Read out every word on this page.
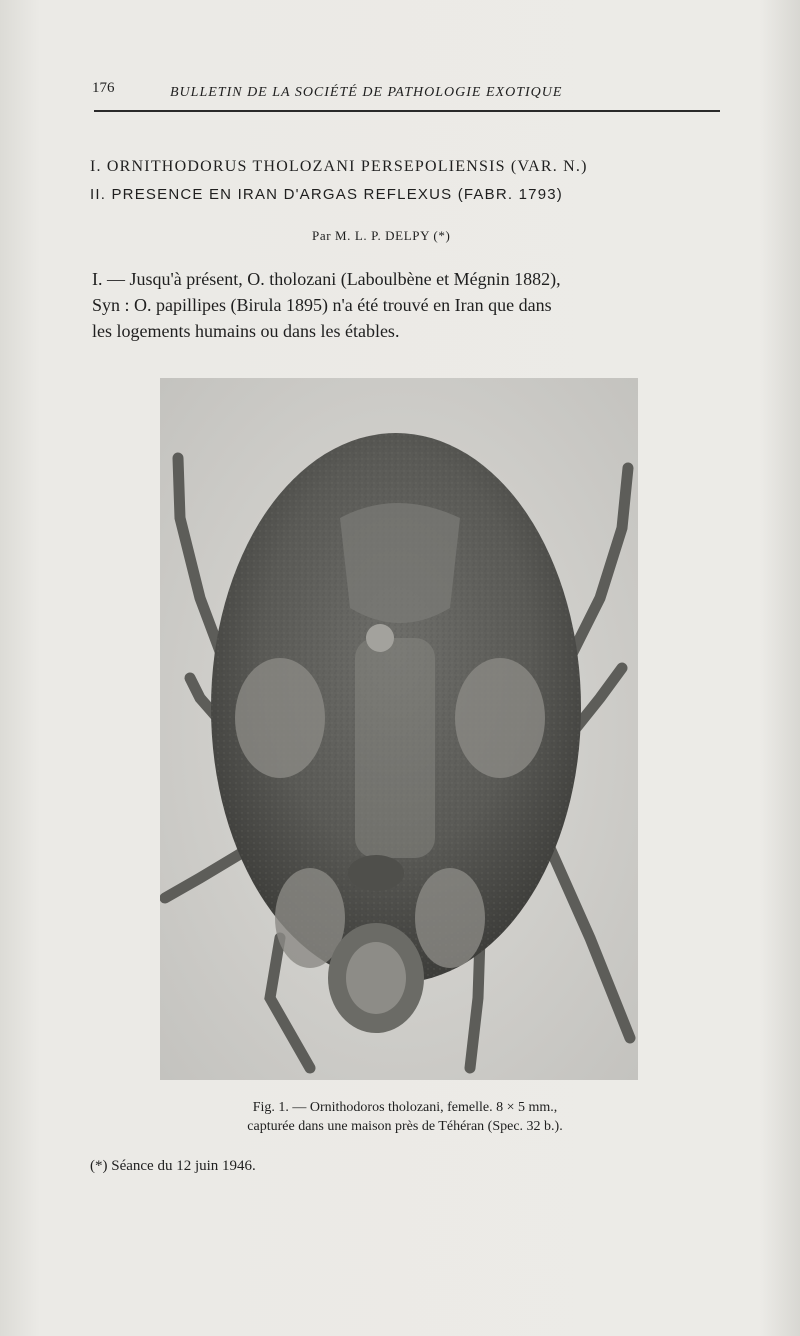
176	BULLETIN DE LA SOCIÉTÉ DE PATHOLOGIE EXOTIQUE
I. ORNITHODORUS THOLOZANI PERSEPOLIENSIS (VAR. N.)
II. PRESENCE EN IRAN D'ARGAS REFLEXUS (FABR. 1793)
Par M. L. P. DELPY (*)
I. — Jusqu'à présent, O. tholozani (Laboulbène et Mégnin 1882),
Syn : O. papillipes (Birula 1895) n'a été trouvé en Iran que dans
les logements humains ou dans les étables.
Fig. 1. — Ornithodoros tholozani, femelle. 8 × 5 mm.,
capturée dans une maison près de Téhéran (Spec. 32 b.).
(*) Séance du 12 juin 1946.
